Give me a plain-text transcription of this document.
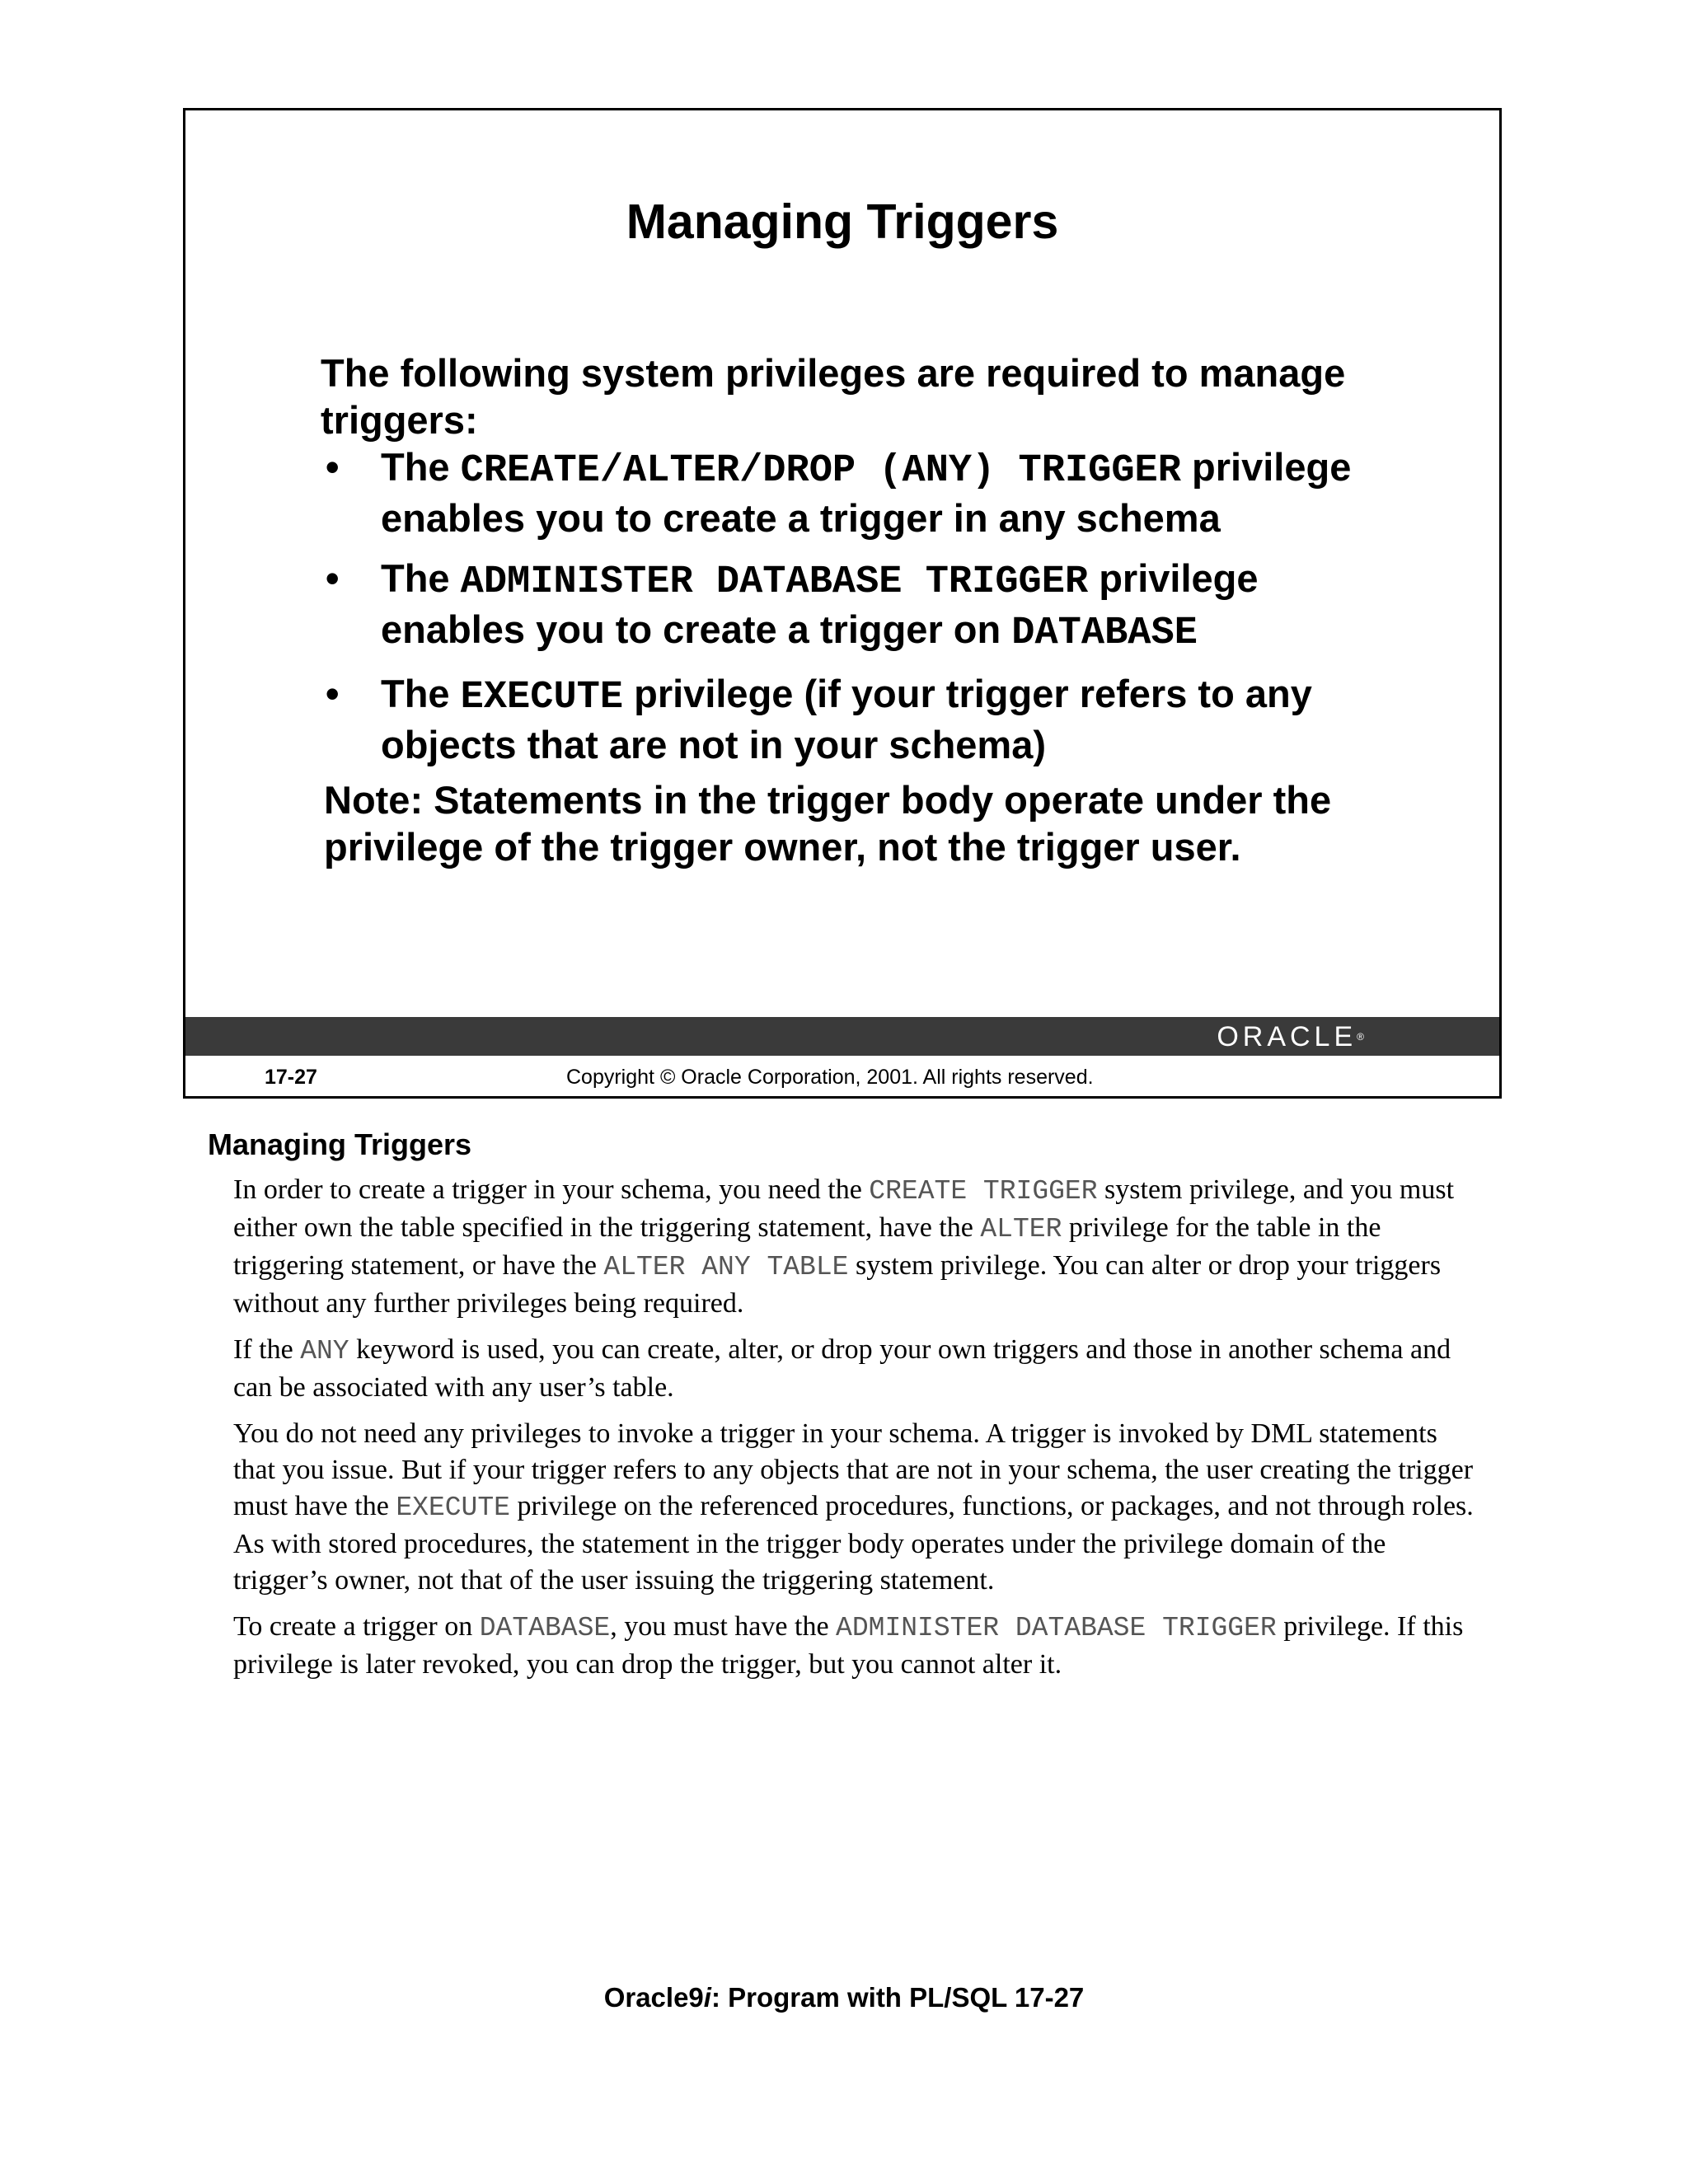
Managing Triggers

The following system privileges are required to manage triggers:

• The CREATE/ALTER/DROP (ANY) TRIGGER privilege enables you to create a trigger in any schema
• The ADMINISTER DATABASE TRIGGER privilege enables you to create a trigger on DATABASE
• The EXECUTE privilege (if your trigger refers to any objects that are not in your schema)
Note: Statements in the trigger body operate under the privilege of the trigger owner, not the trigger user.
ORACLE®
17-27	Copyright © Oracle Corporation, 2001. All rights reserved.
Managing Triggers

In order to create a trigger in your schema, you need the CREATE TRIGGER system privilege, and you must either own the table specified in the triggering statement, have the ALTER privilege for the table in the triggering statement, or have the ALTER ANY TABLE system privilege. You can alter or drop your triggers without any further privileges being required.

If the ANY keyword is used, you can create, alter, or drop your own triggers and those in another schema and can be associated with any user’s table.

You do not need any privileges to invoke a trigger in your schema. A trigger is invoked by DML statements that you issue. But if your trigger refers to any objects that are not in your schema, the user creating the trigger must have the EXECUTE privilege on the referenced procedures, functions, or packages, and not through roles. As with stored procedures, the statement in the trigger body operates under the privilege domain of the trigger’s owner, not that of the user issuing the triggering statement.

To create a trigger on DATABASE, you must have the ADMINISTER DATABASE TRIGGER privilege. If this privilege is later revoked, you can drop the trigger, but you cannot alter it.

Oracle9i: Program with PL/SQL 17-27
